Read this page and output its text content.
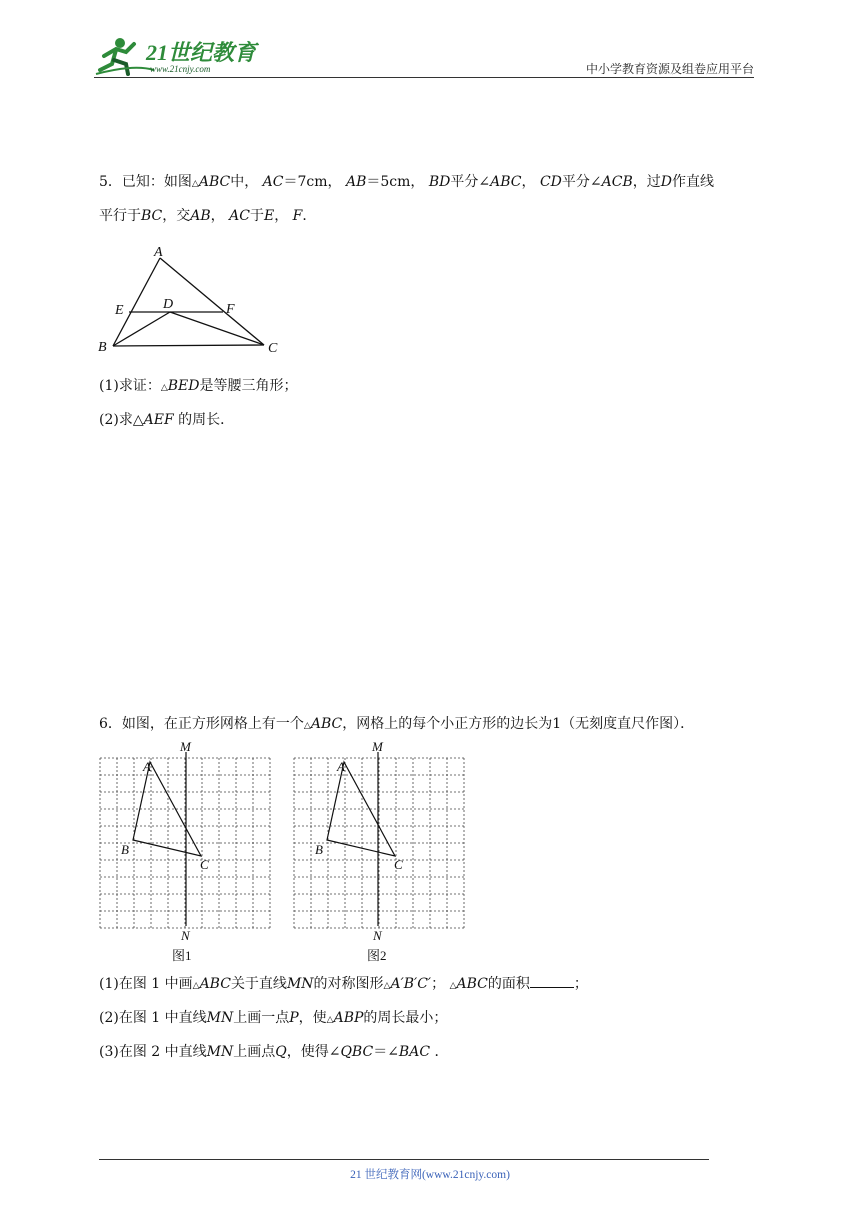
21世纪教育
www.21cnjy.com	中小学教育资源及组卷应用平台
5．已知：如图△ABC中， AC＝7cm， AB＝5cm， BD平分∠ABC， CD平分∠ACB，过D作直线
平行于BC，交AB， AC于E， F．
A
B	C
D
E	F
(1)求证：△BED是等腰三角形；
(2)求△AEF 的周长．
6．如图，在正方形网格上有一个△ABC，网格上的每个小正方形的边长为1（无刻度直尺作图）．
M
N
A
B
C
图1
M
N
A
B
C
图2
(1)在图 1 中画△ABC关于直线MN的对称图形△A′B′C′； △ABC的面积	；
(2)在图 1 中直线MN上画一点P，使△ABP的周长最小；
(3)在图 2 中直线MN上画点Q，使得∠QBC＝∠BAC ．
21 世纪教育网(www.21cnjy.com)
